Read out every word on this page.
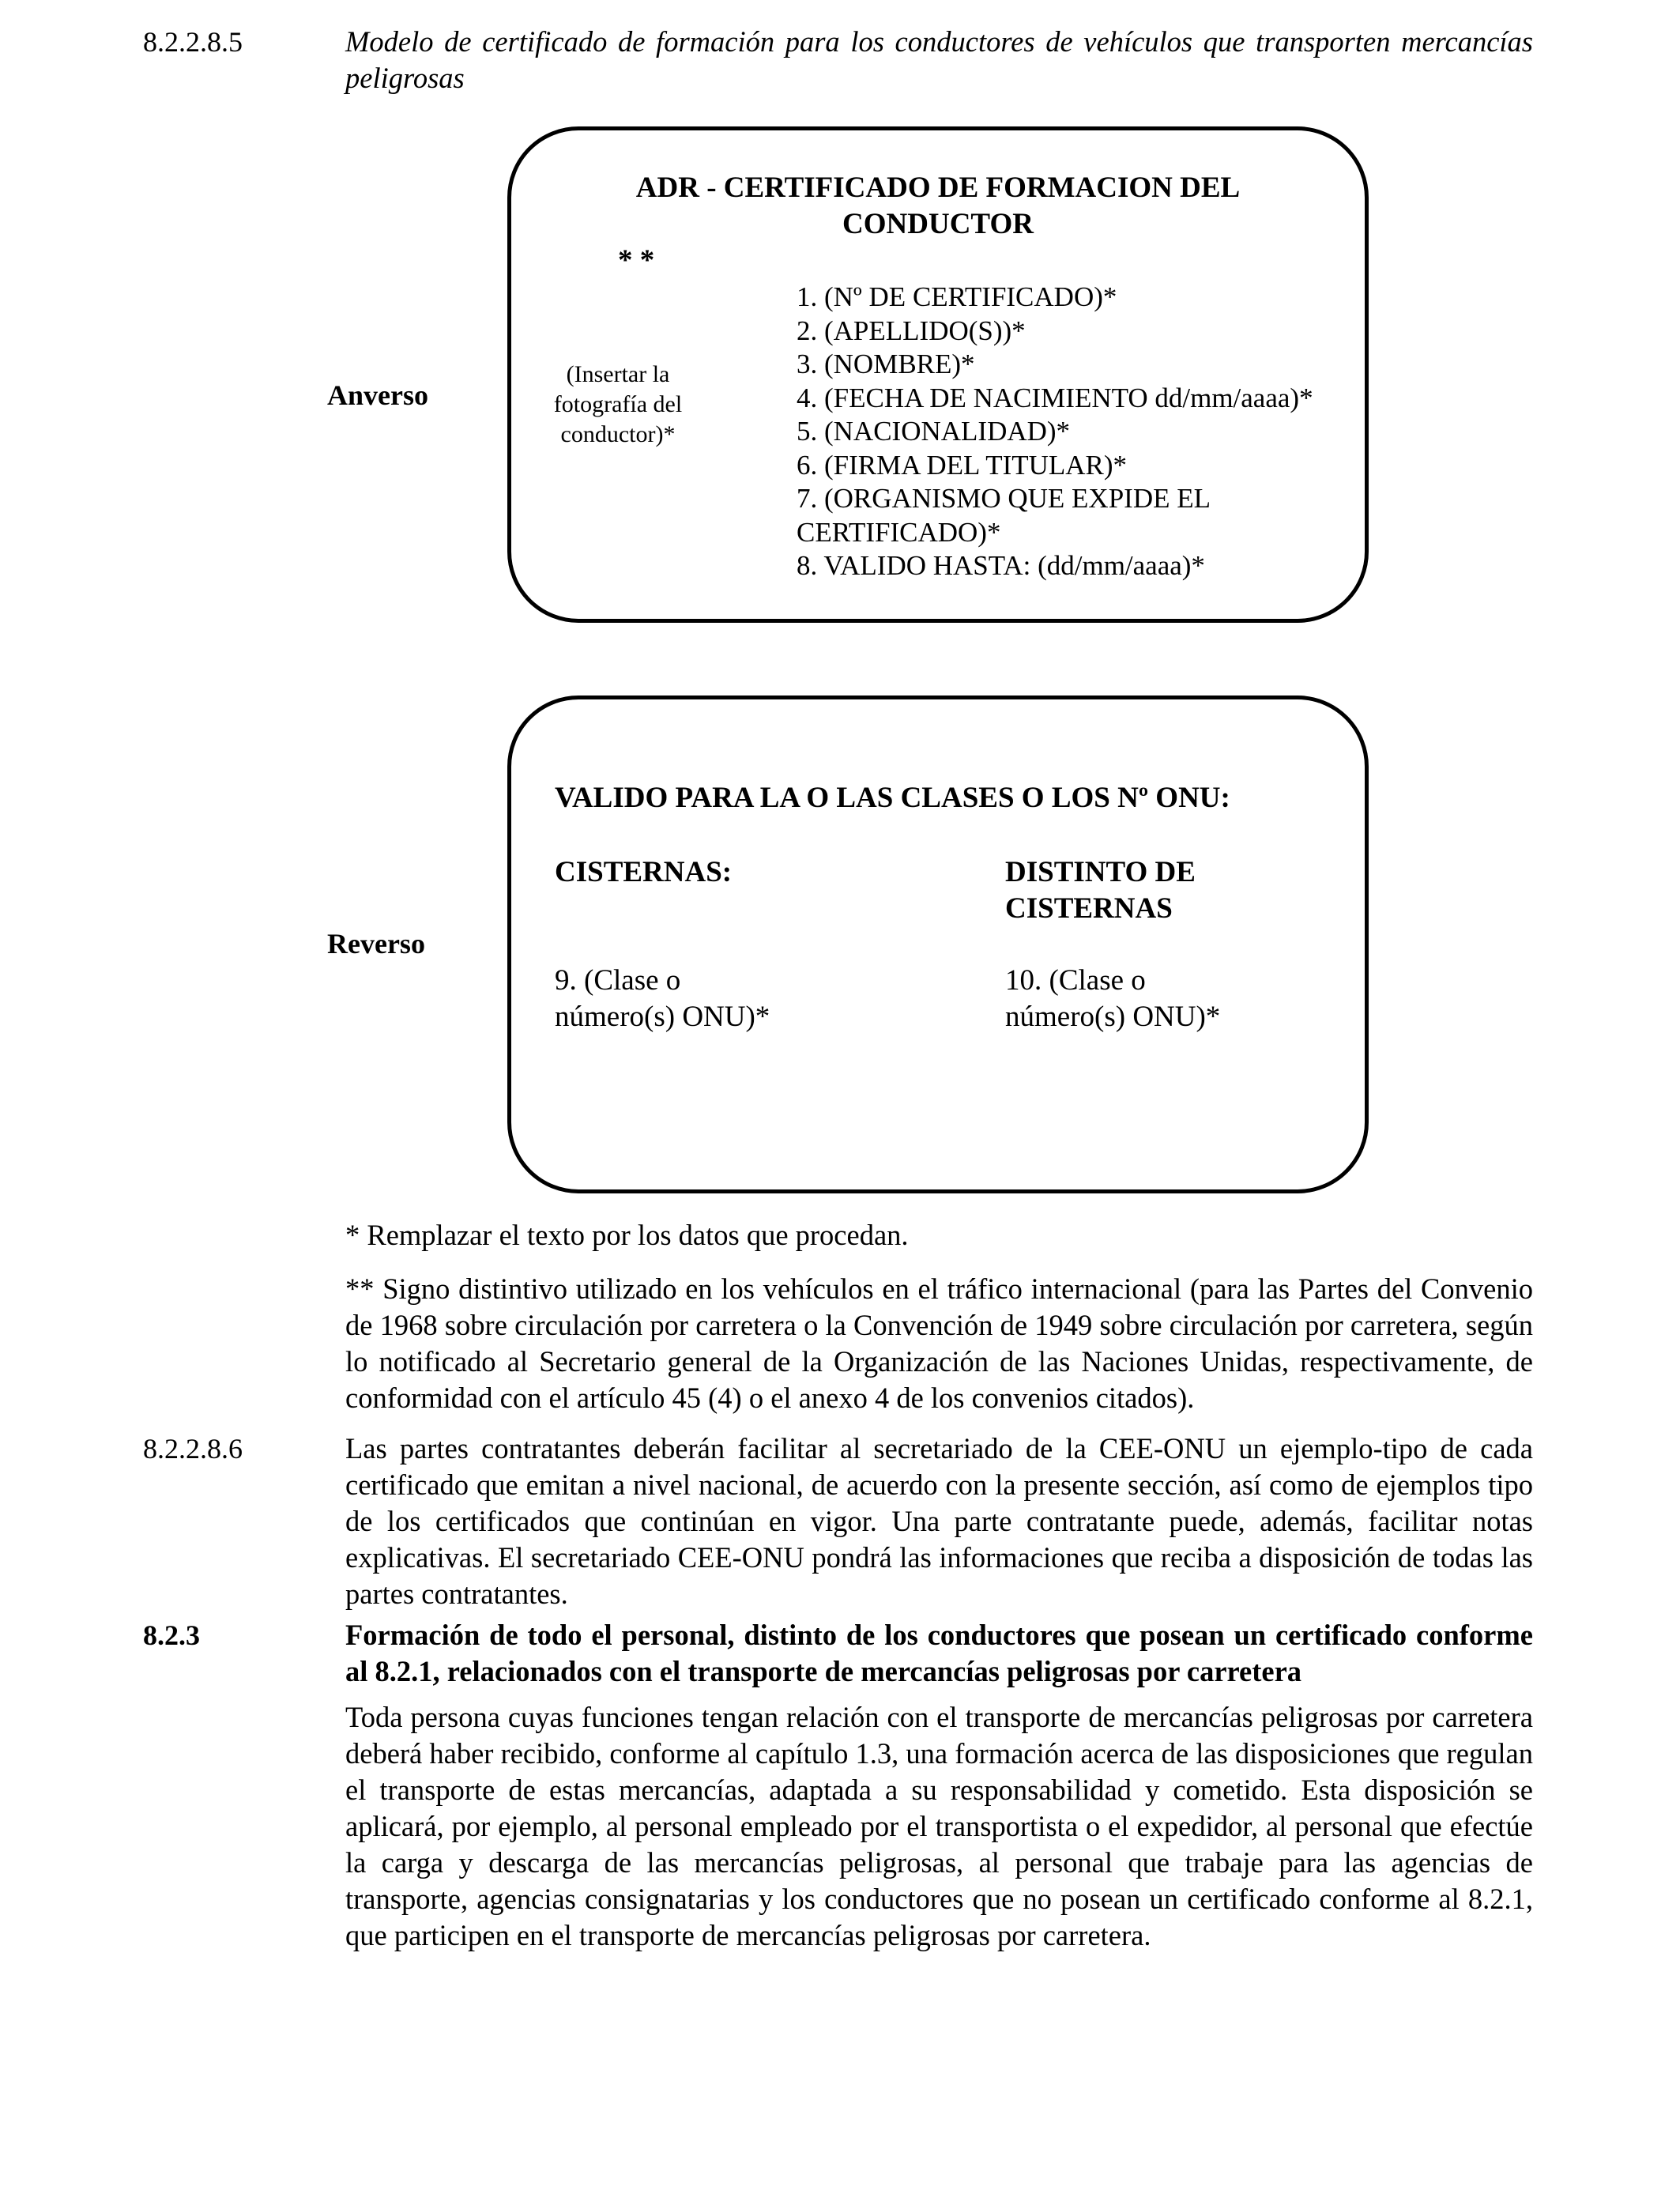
8.2.2.8.5	Modelo de certificado de formación para los conductores de vehículos que transporten mercancías peligrosas
Anverso
ADR - CERTIFICADO DE FORMACION DEL
CONDUCTOR
* *
(Insertar la
fotografía del
conductor)*
1. (Nº DE CERTIFICADO)*
2. (APELLIDO(S))*
3. (NOMBRE)*
4. (FECHA DE NACIMIENTO dd/mm/aaaa)*
5. (NACIONALIDAD)*
6. (FIRMA DEL TITULAR)*
7. (ORGANISMO QUE EXPIDE EL
CERTIFICADO)*
8. VALIDO HASTA: (dd/mm/aaaa)*
Reverso
VALIDO PARA LA O LAS CLASES O LOS Nº ONU:
CISTERNAS:	DISTINTO DE
CISTERNAS
9. (Clase o
número(s) ONU)*
10. (Clase o
número(s) ONU)*
* Remplazar el texto por los datos que procedan.
** Signo distintivo utilizado en los vehículos en el tráfico internacional (para las Partes del Convenio de 1968 sobre circulación por carretera o la Convención de 1949 sobre circulación por carretera, según lo notificado al Secretario general de la Organización de las Naciones Unidas, respectivamente, de conformidad con el artículo 45 (4) o el anexo 4 de los convenios citados).
8.2.2.8.6	Las partes contratantes deberán facilitar al secretariado de la CEE-ONU un ejemplo-tipo de cada certificado que emitan a nivel nacional, de acuerdo con la presente sección, así como de ejemplos tipo de los certificados que continúan en vigor. Una parte contratante puede, además, facilitar notas explicativas. El secretariado CEE-ONU pondrá las informaciones que reciba a disposición de todas las partes contratantes.
8.2.3	Formación de todo el personal, distinto de los conductores que posean un certificado conforme al 8.2.1, relacionados con el transporte de mercancías peligrosas por carretera
Toda persona cuyas funciones tengan relación con el transporte de mercancías peligrosas por carretera deberá haber recibido, conforme al capítulo 1.3, una formación acerca de las disposiciones que regulan el transporte de estas mercancías, adaptada a su responsabilidad y cometido. Esta disposición se aplicará, por ejemplo, al personal empleado por el transportista o el expedidor, al personal que efectúe la carga y descarga de las mercancías peligrosas, al personal que trabaje para las agencias de transporte, agencias consignatarias y los conductores que no posean un certificado conforme al 8.2.1, que participen en el transporte de mercancías peligrosas por carretera.
